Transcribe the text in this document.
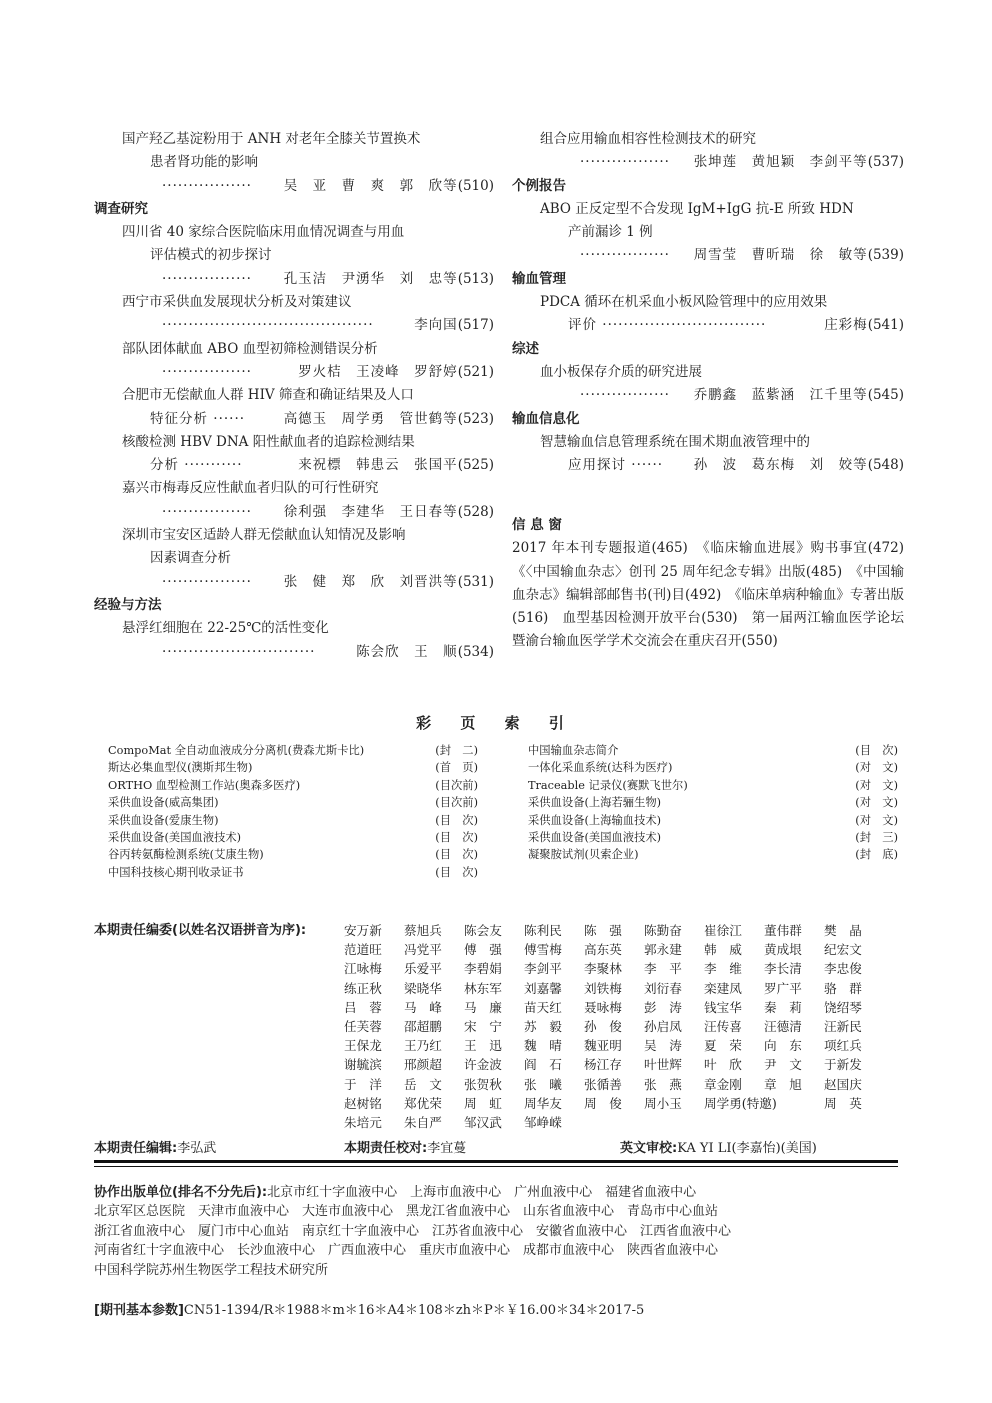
国产羟乙基淀粉用于 ANH 对老年全膝关节置换术
患者肾功能的影响
·················	吴　亚　曹　爽　郭　欣等 (510)
调查研究
四川省 40 家综合医院临床用血情况调查与用血
评估模式的初步探讨
·················	孔玉洁　尹湧华　刘　忠等 (513)
西宁市采供血发展现状分析及对策建议
········································	李向国 (517)
部队团体献血 ABO 血型初筛检测错误分析
·················	罗火桔　王凌峰　罗舒婷 (521)
合肥市无偿献血人群 HIV 筛查和确证结果及人口
特征分析 ······	高德玉　周学勇　管世鹤等 (523)
核酸检测 HBV DNA 阳性献血者的追踪检测结果
分析 ···········	来祝標　韩患云　张国平 (525)
嘉兴市梅毒反应性献血者归队的可行性研究
·················	徐利强　李建华　王日春等 (528)
深圳市宝安区适龄人群无偿献血认知情况及影响
因素调查分析
·················	张　健　郑　欣　刘晋洪等 (531)
经验与方法
悬浮红细胞在 22-25℃的活性变化
·····························	陈会欣　王　顺 (534)
组合应用输血相容性检测技术的研究
·················	张坤莲　黄旭颖　李剑平等 (537)
个例报告
ABO 正反定型不合发现 IgM+IgG 抗-E 所致 HDN
产前漏诊 1 例
·················	周雪莹　曹昕瑞　徐　敏等 (539)
输血管理
PDCA 循环在机采血小板风险管理中的应用效果
评价 ·······························	庄彩梅 (541)
综述
血小板保存介质的研究进展
·················	乔鹏鑫　蓝紫涵　江千里等 (545)
输血信息化
智慧输血信息管理系统在围术期血液管理中的
应用探讨 ······	孙　波　葛东梅　刘　姣等 (548)
信 息 窗
2017 年本刊专题报道(465)　《临床输血进展》购书事宜(472)　《〈中国输血杂志〉创刊 25 周年纪念专辑》出版(485)　《中国输血杂志》编辑部邮售书(刊)目(492)　《临床单病种输血》专著出版(516)　血型基因检测开放平台(530)　第一届两江输血医学论坛暨渝台输血医学学术交流会在重庆召开(550)
彩 页 索 引
CompoMat 全自动血液成分分离机(费森尤斯卡比)	(封　二)
斯达必集血型仪(澳斯邦生物)	(首　页)
ORTHO 血型检测工作站(奥森多医疗)	(目次前)
采供血设备(威高集团)	(目次前)
采供血设备(爱康生物)	(目　次)
采供血设备(美国血液技术)	(目　次)
谷丙转氨酶检测系统(艾康生物)	(目　次)
中国科技核心期刊收录证书	(目　次)
中国输血杂志简介	(目　次)
一体化采血系统(达科为医疗)	(对　文)
Traceable 记录仪(赛默飞世尔)	(对　文)
采供血设备(上海若骊生物)	(对　文)
采供血设备(上海输血技术)	(对　文)
采供血设备(美国血液技术)	(封　三)
凝聚胺试剂(贝索企业)	(封　底)
本期责任编委(以姓名汉语拼音为序):	安万新	蔡旭兵	陈会友	陈利民	陈　强	陈勤奋	崔徐江	董伟群	樊　晶
范道旺	冯党平	傅　强	傅雪梅	高东英	郭永建	韩　威	黄成垠	纪宏文
江咏梅	乐爱平	李碧娟	李剑平	李聚林	李　平	李　维	李长清	李忠俊
练正秋	梁晓华	林东军	刘嘉馨	刘铁梅	刘衍春	栾建凤	罗广平	骆　群
吕　蓉	马　峰	马　廉	苗天红	聂咏梅	彭　涛	钱宝华	秦　莉	饶绍琴
任芙蓉	邵超鹏	宋　宁	苏　毅	孙　俊	孙启凤	汪传喜	汪德清	汪新民
王保龙	王乃红	王　迅	魏　晴	魏亚明	吴　涛	夏　荣	向　东	项红兵
谢毓滨	邢颜超	许金波	阎　石	杨江存	叶世辉	叶　欣	尹　文	于新发
于　洋	岳　文	张贺秋	张　曦	张循善	张　燕	章金刚	章　旭	赵国庆
赵树铭	郑优荣	周　虹	周华友	周　俊	周小玉	周学勇(特邀)	周　英
朱培元	朱自严	邹汉武	邹峥嵘
本期责任编辑:李弘武	本期责任校对:李宜蔓	英文审校:KA YI LI(李嘉怡)(美国)
协作出版单位(排名不分先后):北京市红十字血液中心　上海市血液中心　广州血液中心　福建省血液中心
北京军区总医院　天津市血液中心　大连市血液中心　黑龙江省血液中心　山东省血液中心　青岛市中心血站
浙江省血液中心　厦门市中心血站　南京红十字血液中心　江苏省血液中心　安徽省血液中心　江西省血液中心
河南省红十字血液中心　长沙血液中心　广西血液中心　重庆市血液中心　成都市血液中心　陕西省血液中心
中国科学院苏州生物医学工程技术研究所
[期刊基本参数]CN51-1394/R＊1988＊m＊16＊A4＊108＊zh＊P＊￥16.00＊34＊2017-5
